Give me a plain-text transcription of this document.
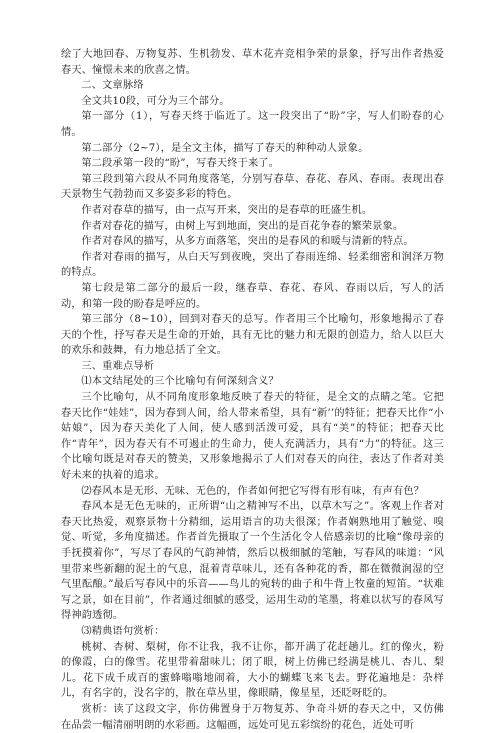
绘了大地回春、万物复苏、生机勃发、草木花卉竞相争荣的景象，抒写出作者热爱春天、憧憬未来的欣喜之情。

二、文章脉络

全文共10段，可分为三个部分。

第一部分（1），写春天终于临近了。这一段突出了“盼”字，写人们盼春的心情。

第二部分（2~7），是全文主体，描写了春天的种种动人景象。

第二段承第一段的“盼”，写春天终于来了。

第三段到第六段从不同角度落笔，分别写春草、春花、春风、春雨。表现出春天景物生气勃勃而又多姿多彩的特色。

作者对春草的描写，由一点写开来，突出的是春草的旺盛生机。

作者对春花的描写，由树上写到地面，突出的是百花争春的繁荣景象。

作者对春风的描写，从多方面落笔，突出的是春风的和暖与清新的特点。

作者对春雨的描写，从白天写到夜晚，突出了春雨连绵、轻柔细密和润泽万物的特点。

第七段是第二部分的最后一段，继春草、春花、春风、春雨以后，写人的活动，和第一段的盼春是呼应的。

第三部分（8~10），回到对春天的总写。作者用三个比喻句，形象地揭示了春天的个性，抒写春天是生命的开始，具有无比的魅力和无限的创造力，给人以巨大的欢乐和鼓舞，有力地总括了全文。

三、重难点导析

⑴本文结尾处的三个比喻句有何深刻含义？

三个比喻句，从不同角度形象地反映了春天的特征，是全文的点睛之笔。它把春天比作“娃娃”，因为春到人间，给人带来希望，具有“新’’的特征；把春天比作“小姑娘”，因为春天美化了人间，使人感到活泼可爱，具有“美”的特征；把春天比作“青年”，因为春天有不可遏止的生命力，使人充满活力，具有“力”的特征。这三个比喻句既是对春天的赞美，又形象地揭示了人们对春天的向往，表达了作者对美好未来的执着的追求。

⑵春风本是无形、无味、无色的，作者如何把它写得有形有味，有声有色？

春风本是无色无味的，正所谓“山之精神写不出，以草木写之”。客观上作者对春天比热爱，观察景物十分精细，运用语言的功夫很深；作者娴熟地用了触觉、嗅觉、听觉，多角度描述。作者首先摄取了一个生活化令人倍感亲切的比喻“像母亲的手抚摸着你”，写尽了春风的气韵神情，然后以极细腻的笔触，写春风的味道：“风里带来些新翻的泥土的气息，混着青草味儿，还有各种花的香，都在微微润湿的空气里酝酿。”最后写春风中的乐音——鸟儿的宛转的曲子和牛背上牧童的短笛。“状难写之景，如在目前”，作者通过细腻的感受，运用生动的笔墨，将难以状写的春风写得神韵透彻。

⑶精典语句赏析：

桃树、杏树、梨树，你不让我，我不让你，都开满了花赶趟儿。红的像火，粉的像霞，白的像雪。花里带着甜味儿；闭了眼，树上仿佛已经满是桃儿、杏儿、梨儿。花下成千成百的蜜蜂嗡嗡地闹着，大小的蝴蝶飞来飞去。野花遍地是：杂样儿，有名字的，没名字的，散在草丛里，像眼睛，像星星，还眨呀眨的。

赏析：读了这段文字，你仿佛置身于万物复苏、争奇斗妍的春天之中，又仿佛在品尝一幅清丽明朗的水彩画。这幅画，远处可见五彩缤纷的花色，近处可听
